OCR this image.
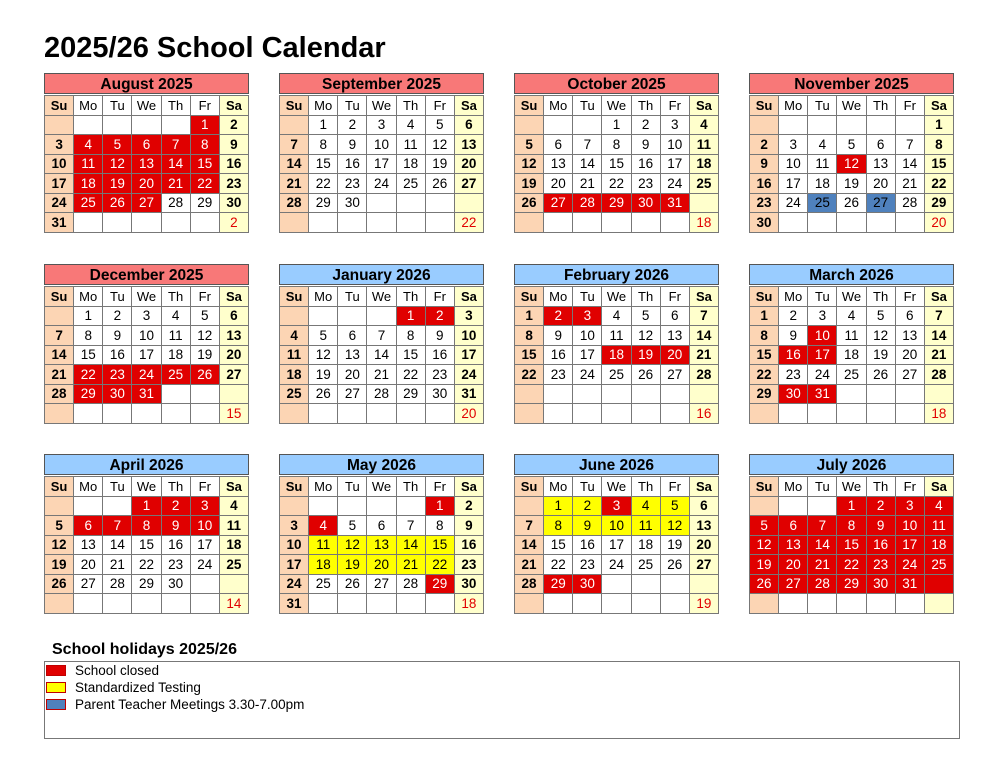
2025/26 School Calendar
August 2025
Su	Mo	Tu	We	Th	Fr	Sa
					1	2
3	4	5	6	7	8	9
10	11	12	13	14	15	16
17	18	19	20	21	22	23
24	25	26	27	28	29	30
31						2
September 2025
Su	Mo	Tu	We	Th	Fr	Sa
	1	2	3	4	5	6
7	8	9	10	11	12	13
14	15	16	17	18	19	20
21	22	23	24	25	26	27
28	29	30				
						22
October 2025
Su	Mo	Tu	We	Th	Fr	Sa
			1	2	3	4
5	6	7	8	9	10	11
12	13	14	15	16	17	18
19	20	21	22	23	24	25
26	27	28	29	30	31	
						18
November 2025
Su	Mo	Tu	We	Th	Fr	Sa
						1
2	3	4	5	6	7	8
9	10	11	12	13	14	15
16	17	18	19	20	21	22
23	24	25	26	27	28	29
30						20
December 2025
Su	Mo	Tu	We	Th	Fr	Sa
	1	2	3	4	5	6
7	8	9	10	11	12	13
14	15	16	17	18	19	20
21	22	23	24	25	26	27
28	29	30	31			
						15
January 2026
Su	Mo	Tu	We	Th	Fr	Sa
				1	2	3
4	5	6	7	8	9	10
11	12	13	14	15	16	17
18	19	20	21	22	23	24
25	26	27	28	29	30	31
						20
February 2026
Su	Mo	Tu	We	Th	Fr	Sa
1	2	3	4	5	6	7
8	9	10	11	12	13	14
15	16	17	18	19	20	21
22	23	24	25	26	27	28

						16
March 2026
Su	Mo	Tu	We	Th	Fr	Sa
1	2	3	4	5	6	7
8	9	10	11	12	13	14
15	16	17	18	19	20	21
22	23	24	25	26	27	28
29	30	31				
						18
April 2026
Su	Mo	Tu	We	Th	Fr	Sa
			1	2	3	4
5	6	7	8	9	10	11
12	13	14	15	16	17	18
19	20	21	22	23	24	25
26	27	28	29	30		
						14
May 2026
Su	Mo	Tu	We	Th	Fr	Sa
					1	2
3	4	5	6	7	8	9
10	11	12	13	14	15	16
17	18	19	20	21	22	23
24	25	26	27	28	29	30
31						18
June 2026
Su	Mo	Tu	We	Th	Fr	Sa
	1	2	3	4	5	6
7	8	9	10	11	12	13
14	15	16	17	18	19	20
21	22	23	24	25	26	27
28	29	30				
						19
July 2026
Su	Mo	Tu	We	Th	Fr	Sa
			1	2	3	4
5	6	7	8	9	10	11
12	13	14	15	16	17	18
19	20	21	22	23	24	25
26	27	28	29	30	31	

School holidays 2025/26
School closed
Standardized Testing
Parent Teacher Meetings 3.30-7.00pm
